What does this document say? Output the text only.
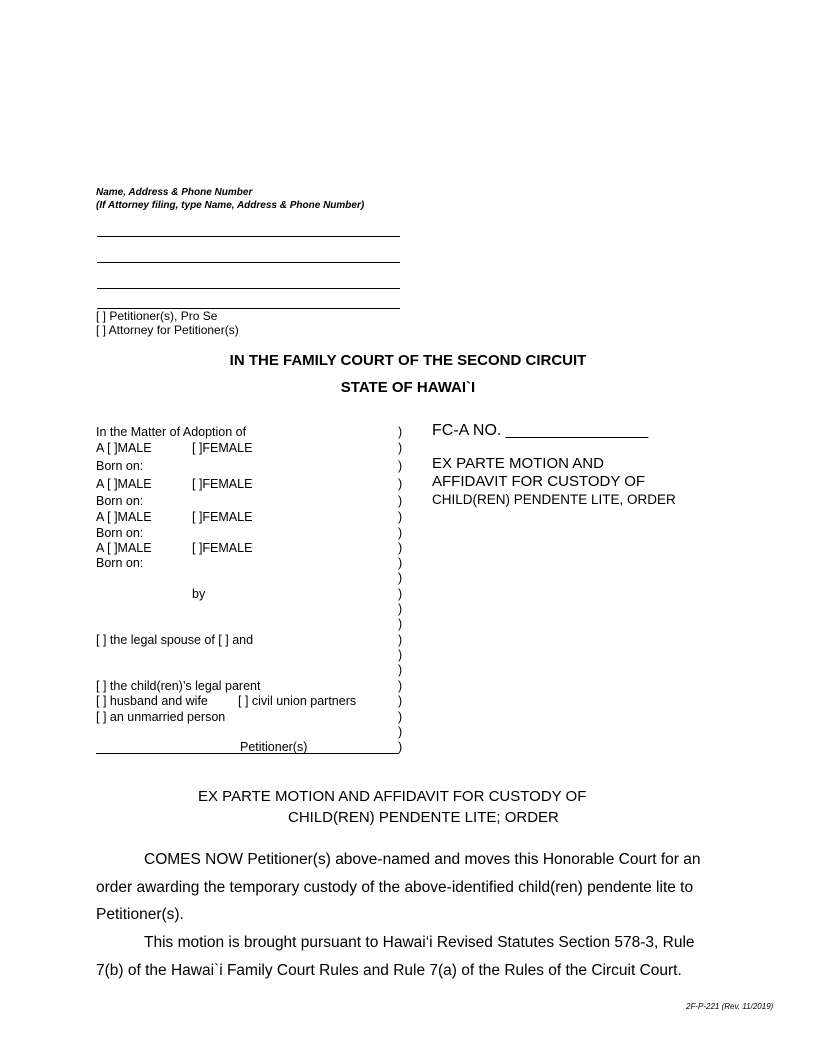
Name, Address & Phone Number
(If Attorney filing, type Name, Address & Phone Number)
[ ] Petitioner(s), Pro Se
[ ] Attorney for Petitioner(s)
IN THE FAMILY COURT OF THE SECOND CIRCUIT
STATE OF HAWAI`I
In the Matter of Adoption of
A [ ]MALE	[ ]FEMALE
Born on:
A [ ]MALE	[ ]FEMALE
Born on:
A [ ]MALE	[ ]FEMALE
Born on:
A [ ]MALE	[ ]FEMALE
Born on:
by
[ ] the legal spouse of [ ] and
[ ] the child(ren)’s legal parent
[ ] husband and wife [ ] civil union partners
[ ] an unmarried person
Petitioner(s)
)
)
)
)
)
)
)
)
)
)
)
)
)
)
)
)
)
)
)
)
)
FC-A NO. ________________
EX PARTE MOTION AND
AFFIDAVIT FOR CUSTODY OF
CHILD(REN) PENDENTE LITE, ORDER
EX PARTE MOTION AND AFFIDAVIT FOR CUSTODY OF
CHILD(REN) PENDENTE LITE; ORDER
COMES NOW Petitioner(s) above-named and moves this Honorable Court for an
order awarding the temporary custody of the above-identified child(ren) pendente lite to
Petitioner(s).
This motion is brought pursuant to Hawai‘i Revised Statutes Section 578-3, Rule
7(b) of the Hawai`i Family Court Rules and Rule 7(a) of the Rules of the Circuit Court.
2F-P-221 (Rev. 11/2019)
